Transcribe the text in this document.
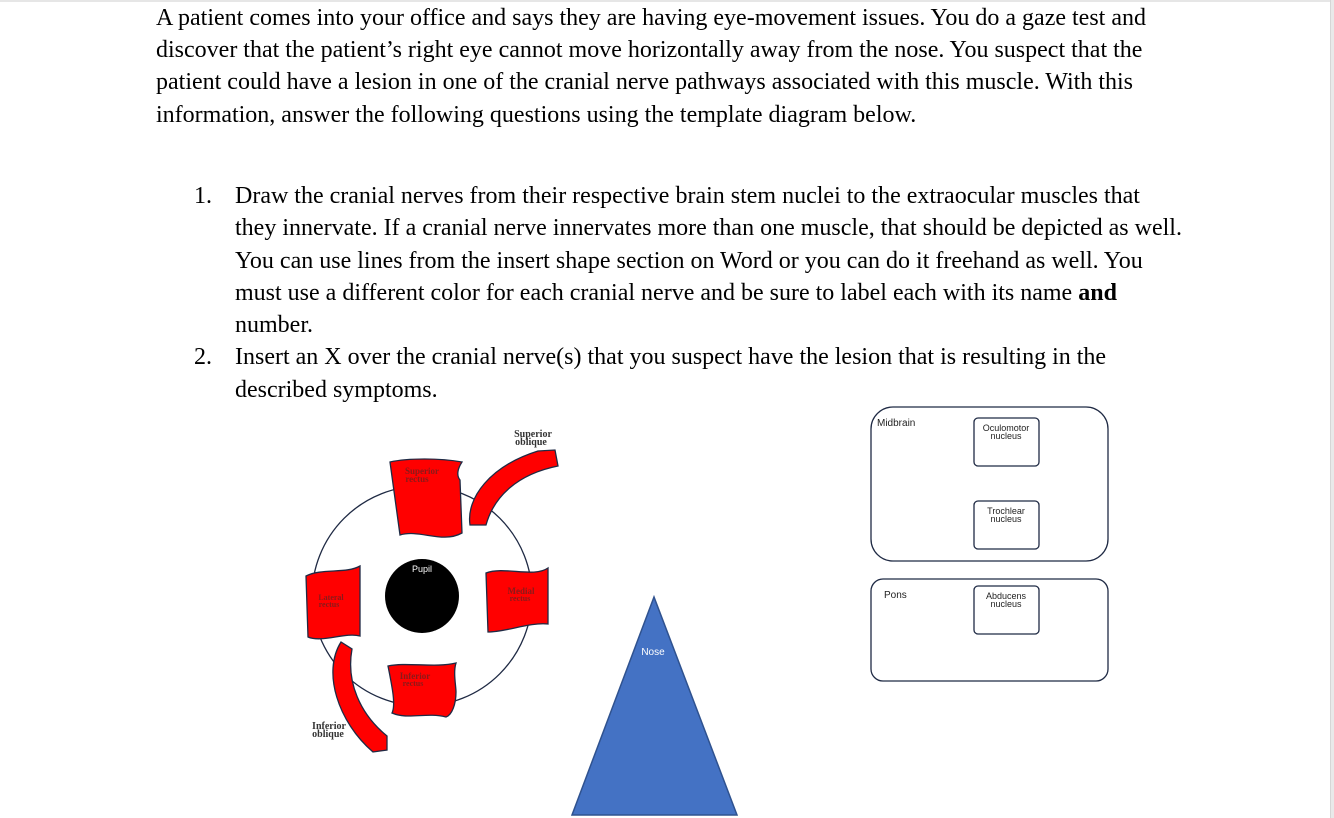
A patient comes into your office and says they are having eye-movement issues. You do a gaze test and discover that the patient’s right eye cannot move horizontally away from the nose. You suspect that the patient could have a lesion in one of the cranial nerve pathways associated with this muscle. With this information, answer the following questions using the template diagram below.

1. Draw the cranial nerves from their respective brain stem nuclei to the extraocular muscles that they innervate. If a cranial nerve innervates more than one muscle, that should be depicted as well. You can use lines from the insert shape section on Word or you can do it freehand as well. You must use a different color for each cranial nerve and be sure to label each with its name and number.
2. Insert an X over the cranial nerve(s) that you suspect have the lesion that is resulting in the described symptoms.
Superior
rectus
Superior
oblique
Pupil
Lateral
rectus
Medial
rectus
Inferior
rectus
Inferior
oblique
Nose
Midbrain	Oculomotor
nucleus
Trochlear
nucleus
Pons	Abducens
nucleus
